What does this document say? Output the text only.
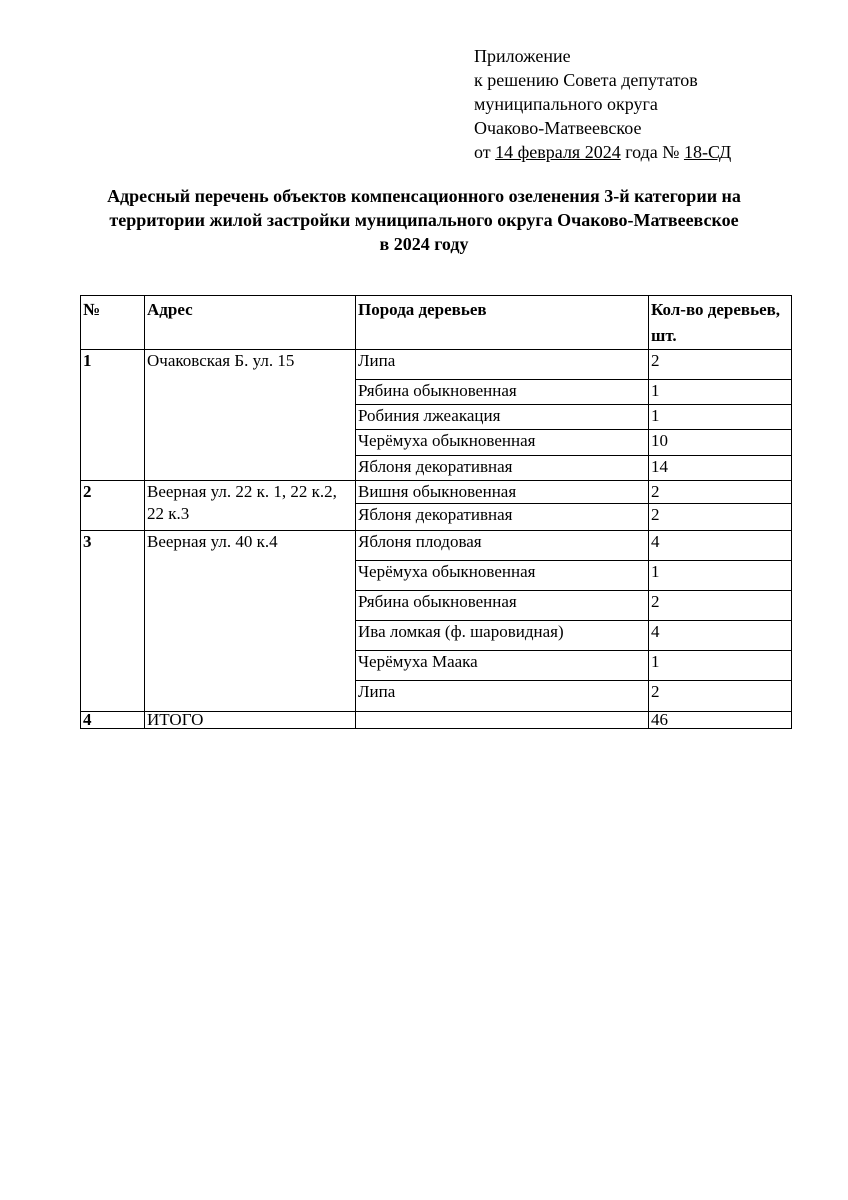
Приложение
к решению Совета депутатов
муниципального округа
Очаково-Матвеевское
от 14 февраля 2024 года № 18-СД
Адресный перечень объектов компенсационного озеленения 3-й категории на
территории жилой застройки муниципального округа Очаково-Матвеевское
в 2024 году
№	Адрес	Порода деревьев	Кол-во деревьев, шт.
1	Очаковская Б. ул. 15	Липа	2
		Рябина обыкновенная	1
		Робиния лжеакация	1
		Черёмуха обыкновенная	10
		Яблоня декоративная	14
2	Веерная ул. 22 к. 1, 22 к.2, 22 к.3	Вишня обыкновенная	2
		Яблоня декоративная	2
3	Веерная ул. 40 к.4	Яблоня плодовая	4
		Черёмуха обыкновенная	1
		Рябина обыкновенная	2
		Ива ломкая (ф. шаровидная)	4
		Черёмуха Маака	1
		Липа	2
4	ИТОГО		46
